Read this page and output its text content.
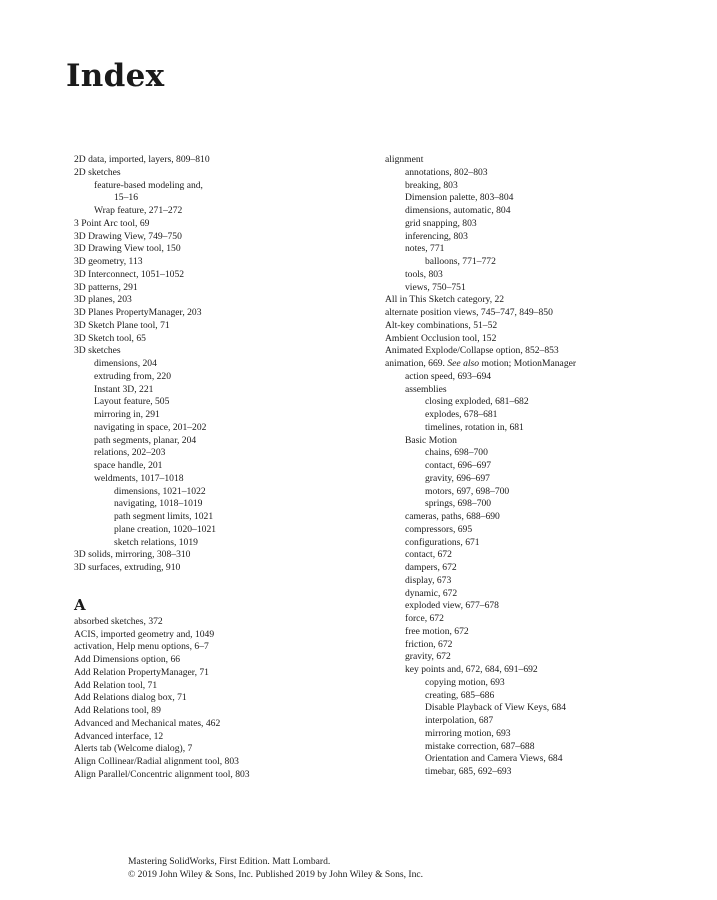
Index
2D data, imported, layers, 809–810
2D sketches
feature-based modeling and,
15–16
Wrap feature, 271–272
3 Point Arc tool, 69
3D Drawing View, 749–750
3D Drawing View tool, 150
3D geometry, 113
3D Interconnect, 1051–1052
3D patterns, 291
3D planes, 203
3D Planes PropertyManager, 203
3D Sketch Plane tool, 71
3D Sketch tool, 65
3D sketches
dimensions, 204
extruding from, 220
Instant 3D, 221
Layout feature, 505
mirroring in, 291
navigating in space, 201–202
path segments, planar, 204
relations, 202–203
space handle, 201
weldments, 1017–1018
dimensions, 1021–1022
navigating, 1018–1019
path segment limits, 1021
plane creation, 1020–1021
sketch relations, 1019
3D solids, mirroring, 308–310
3D surfaces, extruding, 910
A
absorbed sketches, 372
ACIS, imported geometry and, 1049
activation, Help menu options, 6–7
Add Dimensions option, 66
Add Relation PropertyManager, 71
Add Relation tool, 71
Add Relations dialog box, 71
Add Relations tool, 89
Advanced and Mechanical mates, 462
Advanced interface, 12
Alerts tab (Welcome dialog), 7
Align Collinear/Radial alignment tool, 803
Align Parallel/Concentric alignment tool, 803
alignment
annotations, 802–803
breaking, 803
Dimension palette, 803–804
dimensions, automatic, 804
grid snapping, 803
inferencing, 803
notes, 771
balloons, 771–772
tools, 803
views, 750–751
All in This Sketch category, 22
alternate position views, 745–747, 849–850
Alt-key combinations, 51–52
Ambient Occlusion tool, 152
Animated Explode/Collapse option, 852–853
animation, 669. See also motion; MotionManager
action speed, 693–694
assemblies
closing exploded, 681–682
explodes, 678–681
timelines, rotation in, 681
Basic Motion
chains, 698–700
contact, 696–697
gravity, 696–697
motors, 697, 698–700
springs, 698–700
cameras, paths, 688–690
compressors, 695
configurations, 671
contact, 672
dampers, 672
display, 673
dynamic, 672
exploded view, 677–678
force, 672
free motion, 672
friction, 672
gravity, 672
key points and, 672, 684, 691–692
copying motion, 693
creating, 685–686
Disable Playback of View Keys, 684
interpolation, 687
mirroring motion, 693
mistake correction, 687–688
Orientation and Camera Views, 684
timebar, 685, 692–693
Mastering SolidWorks, First Edition. Matt Lombard.
© 2019 John Wiley & Sons, Inc. Published 2019 by John Wiley & Sons, Inc.
